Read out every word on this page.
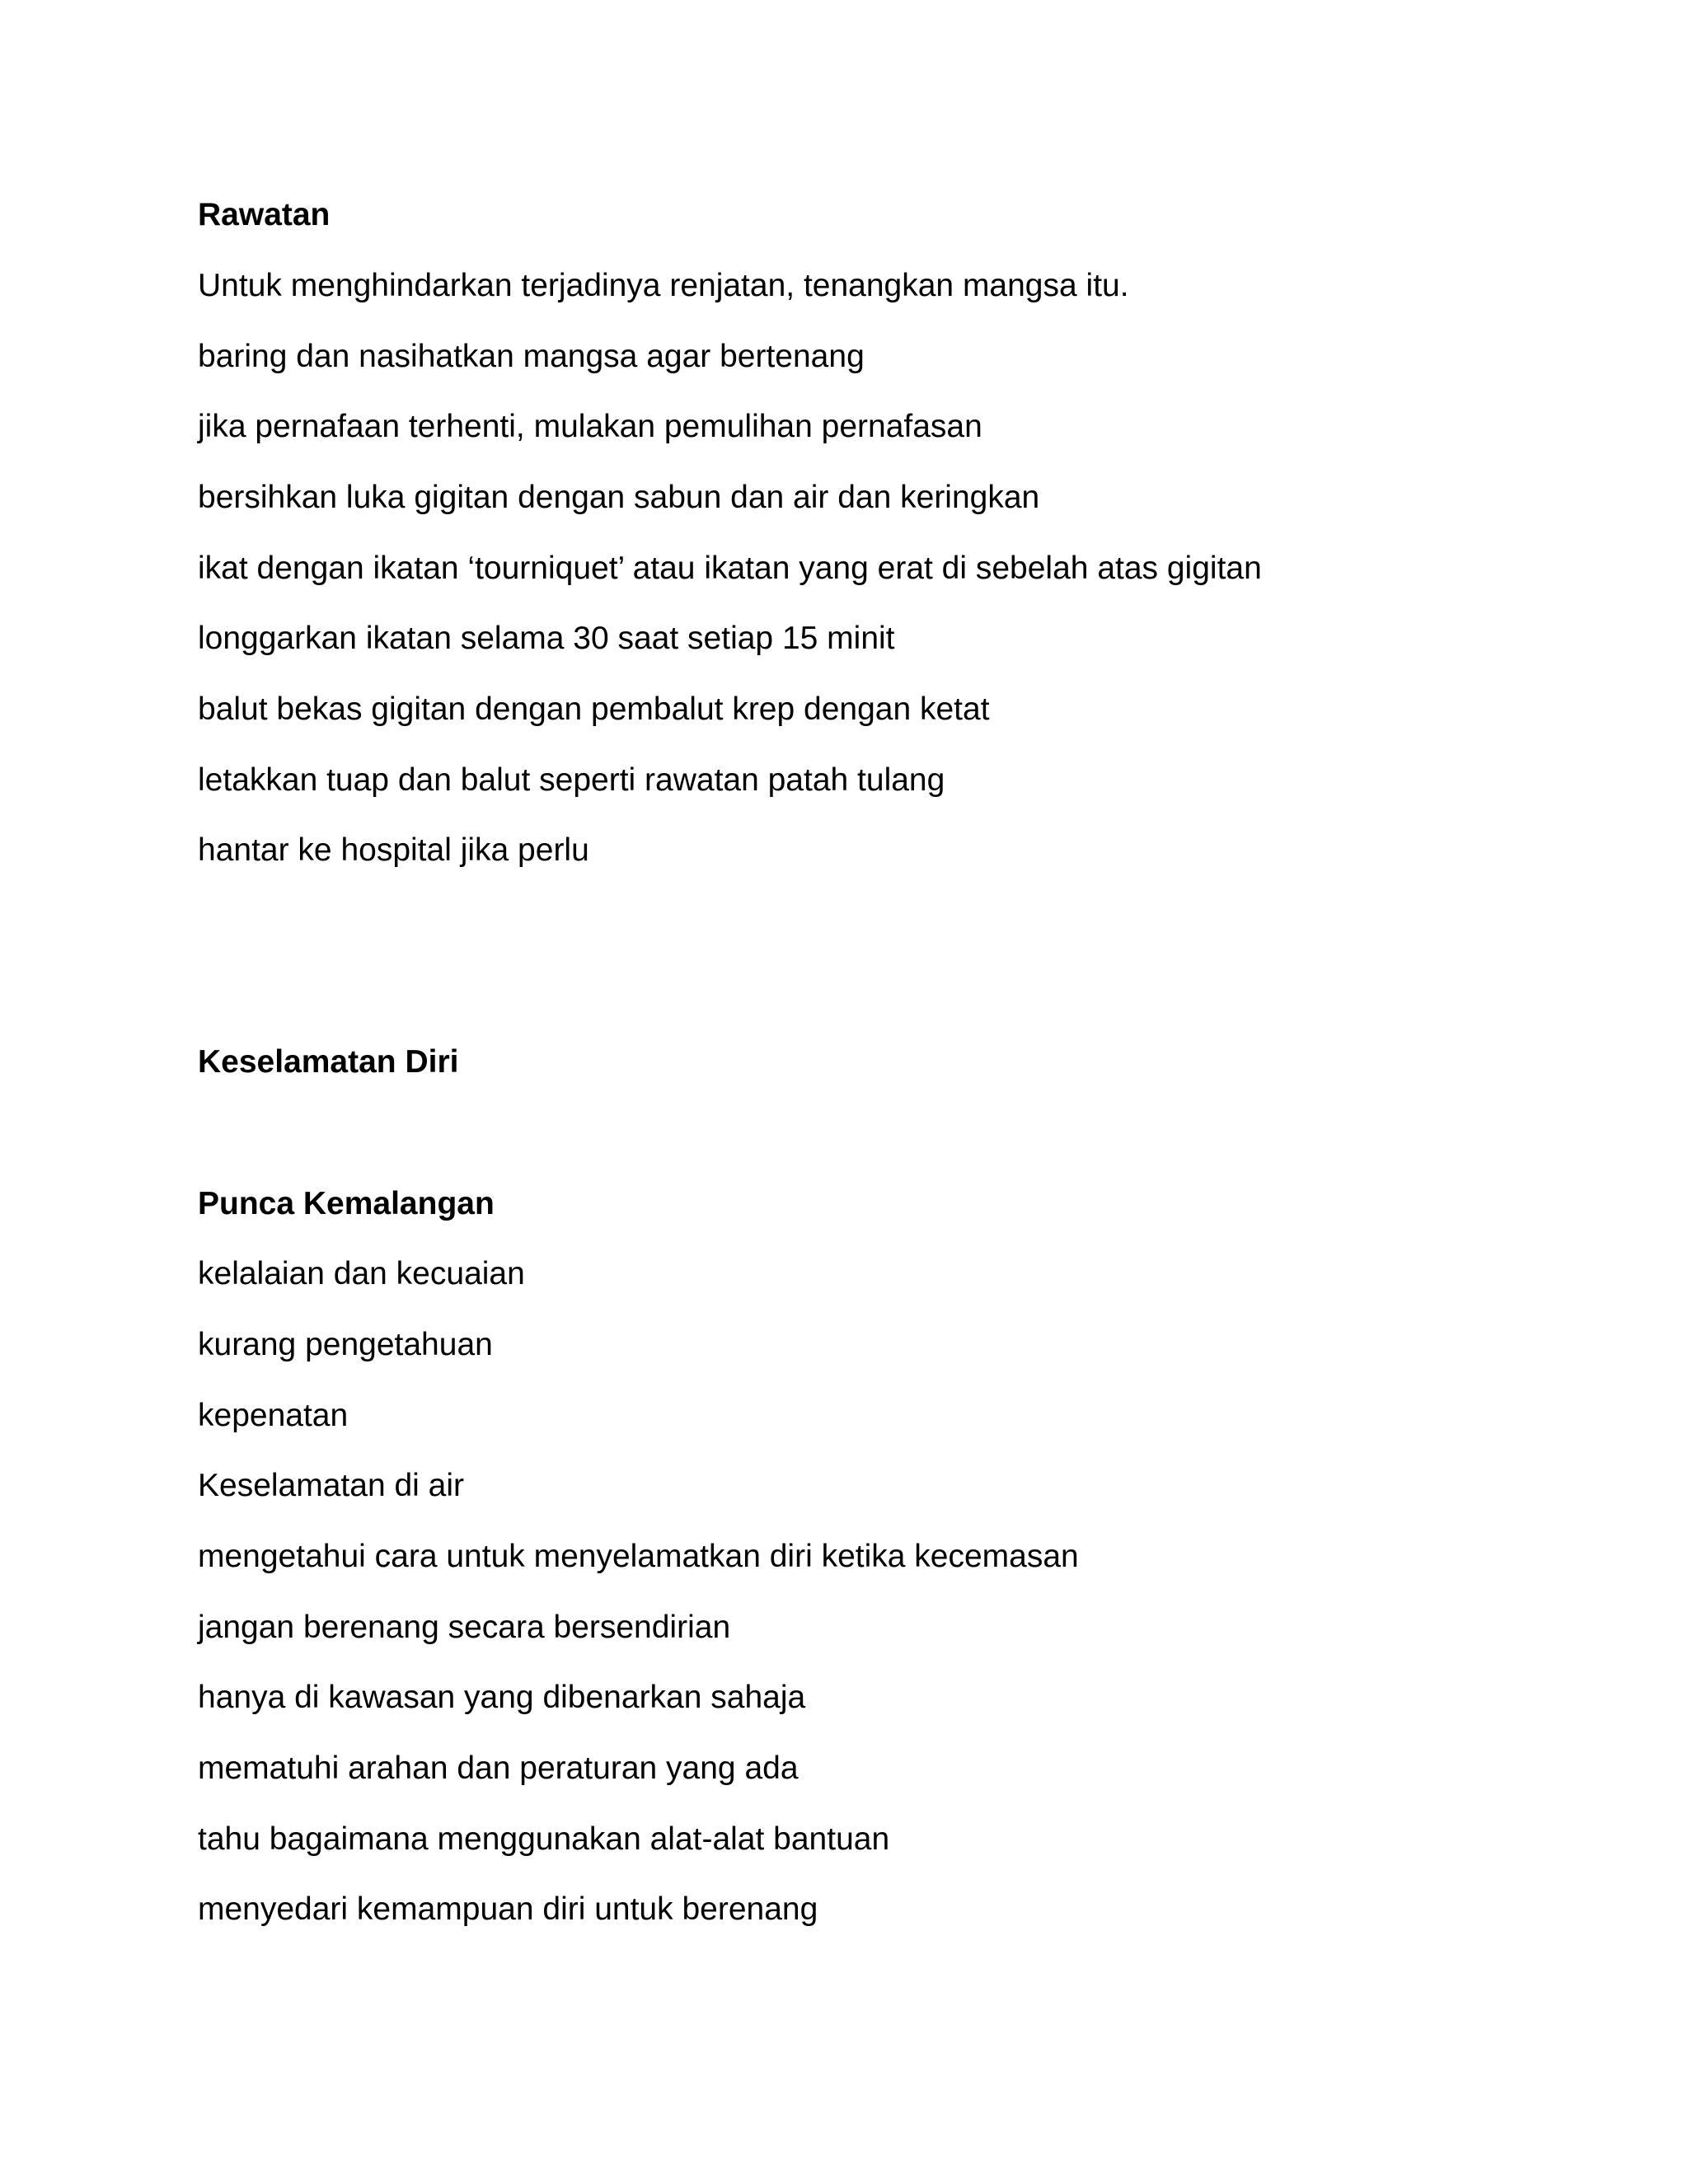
Rawatan

Untuk menghindarkan terjadinya renjatan, tenangkan mangsa itu.

baring dan nasihatkan mangsa agar bertenang

jika pernafaan terhenti, mulakan pemulihan pernafasan

bersihkan luka gigitan dengan sabun dan air dan keringkan

ikat dengan ikatan ‘tourniquet’ atau ikatan yang erat di sebelah atas gigitan

longgarkan ikatan selama 30 saat setiap 15 minit

balut bekas gigitan dengan pembalut krep dengan ketat

letakkan tuap dan balut seperti rawatan patah tulang

hantar ke hospital jika perlu

Keselamatan Diri

Punca Kemalangan

kelalaian dan kecuaian

kurang pengetahuan

kepenatan

Keselamatan di air

mengetahui cara untuk menyelamatkan diri ketika kecemasan

jangan berenang secara bersendirian

hanya di kawasan yang dibenarkan sahaja

mematuhi arahan dan peraturan yang ada

tahu bagaimana menggunakan alat-alat bantuan

menyedari kemampuan diri untuk berenang
